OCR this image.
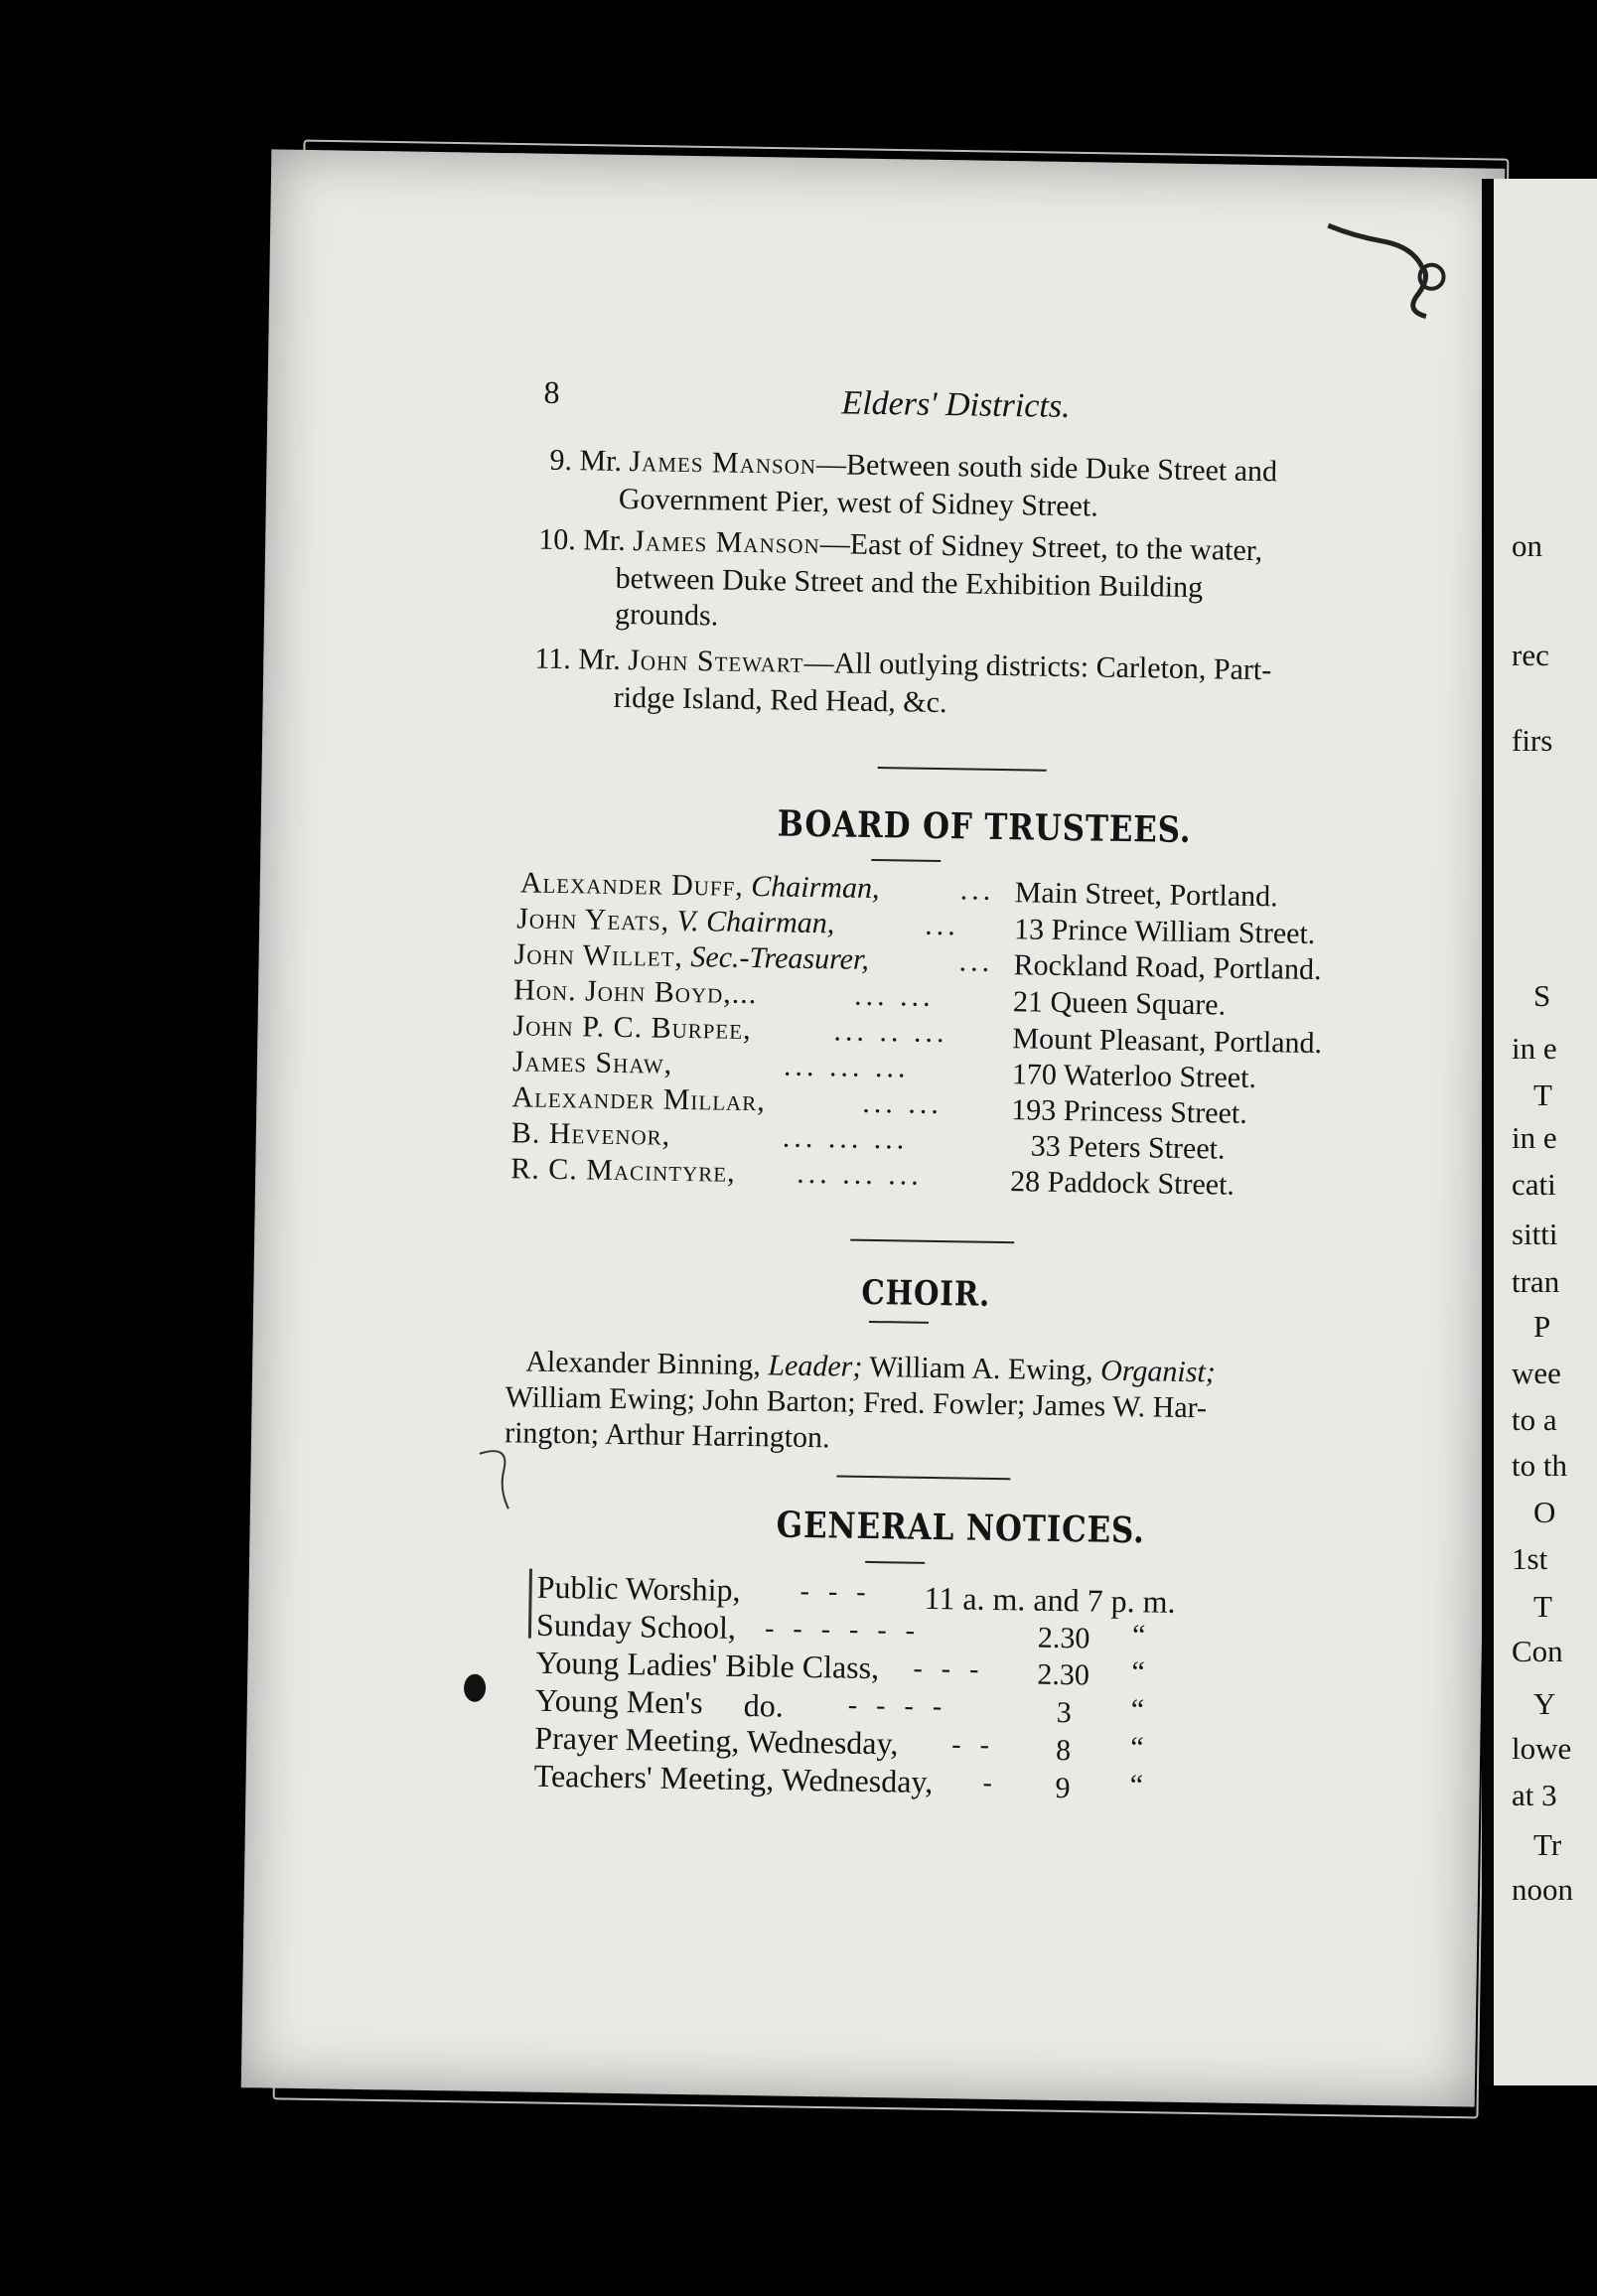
8	Elders' Districts.
9. Mr. James Manson—Between south side Duke Street and
Government Pier, west of Sidney Street.
10. Mr. James Manson—East of Sidney Street, to the water,
between Duke Street and the Exhibition Building
grounds.
11. Mr. John Stewart—All outlying districts: Carleton, Part-
ridge Island, Red Head, &c.
BOARD OF TRUSTEES.
Alexander Duff, Chairman,	... Main Street, Portland.
John Yeats, V. Chairman,	... 13 Prince William Street.
John Willet, Sec.-Treasurer,	... Rockland Road, Portland.
Hon. John Boyd,...	... ...	21 Queen Square.
John P. C. Burpee,	... .. ... Mount Pleasant, Portland.
James Shaw,	... ... ...	170 Waterloo Street.
Alexander Millar,	... ... 193 Princess Street.
B. Hevenor,	... ... ...	33 Peters Street.
R. C. Macintyre, ... ... ...	28 Paddock Street.
CHOIR.
Alexander Binning, Leader; William A. Ewing, Organist;
William Ewing; John Barton; Fred. Fowler; James W. Har-
rington; Arthur Harrington.
GENERAL NOTICES.
Public Worship, - - - 11 a. m. and 7 p. m.
Sunday School, - - - - - -	2.30 “
Young Ladies' Bible Class, - - - 2.30 “
Young Men's do. - - - -	3 “
Prayer Meeting, Wednesday, - - 8 “
Teachers' Meeting, Wednesday, - 9 “
on
rec
firs
S
in e
T
in e
cati
sitti
tran
P
wee
to a
to th
O
1st
T
Con
Y
lowe
at 3
Tr
noon
